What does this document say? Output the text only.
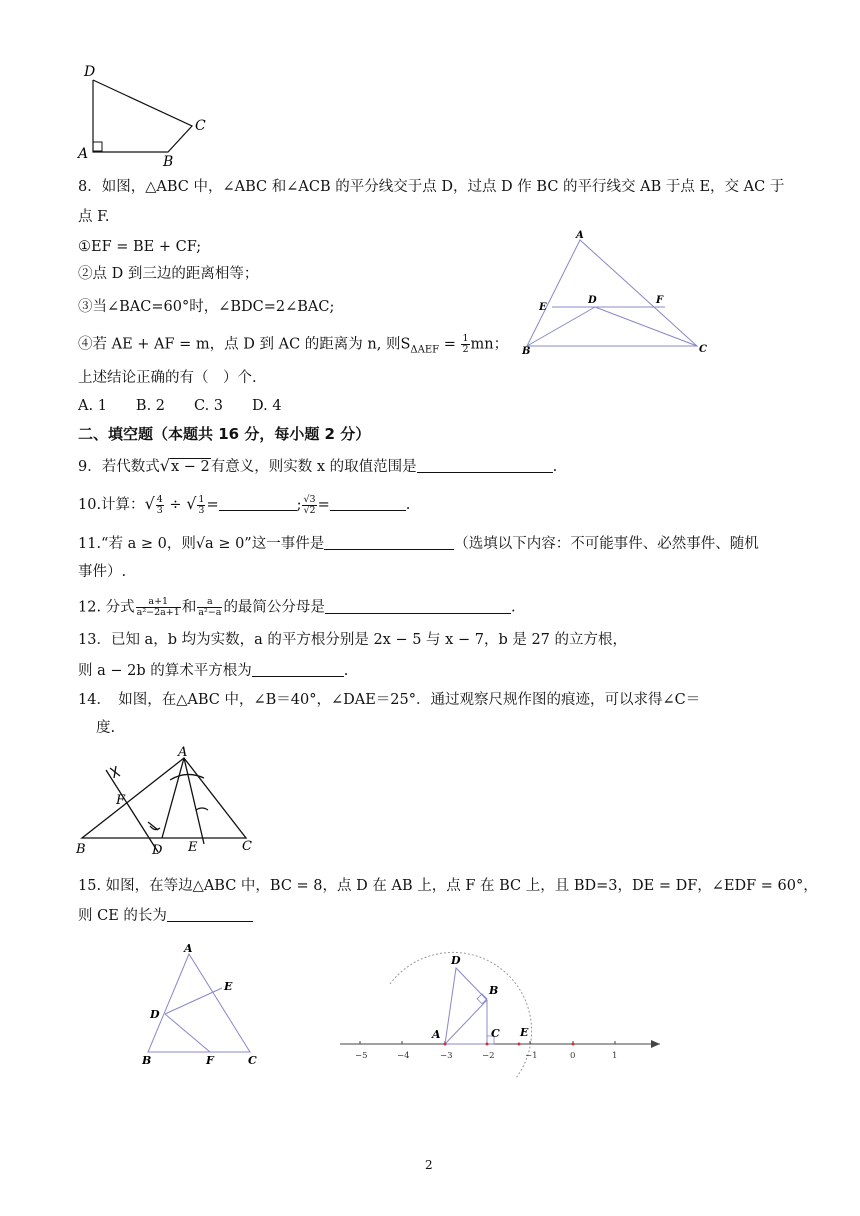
D
C
A	B
8．如图，△ABC 中，∠ABC 和∠ACB 的平分线交于点 D，过点 D 作 BC 的平行线交 AB 于点 E，交 AC 于
点 F.
①EF = BE + CF;
②点 D 到三边的距离相等；
③当∠BAC=60°时，∠BDC=2∠BAC;
④若 AE + AF = m，点 D 到 AC 的距离为 n, 则$S_{\Delta AEF} = \frac{1}{2}$ mn；
上述结论正确的有（　）个.
A. 1　　B. 2　　C. 3　　D. 4
A
E
D	F
B	C
二、填空题（本题共 16 分，每小题 2 分）
9．若代数式√x − 2有意义，则实数 x 的取值范围是	.
10.计算：√ $\frac{4}{3}$ ÷ √ $\frac{1}{3}$ =	; $\frac{√3}{√2}$ =	.
11.“若 a ≥ 0，则√a ≥ 0”这一事件是	（选填以下内容：不可能事件、必然事件、随机
事件）.
12. 分式 $\frac{a+1}{\text{a²−2a+1}}$ 和 $\frac{a}{\text{a²−a}}$ 的最简公分母是	.
13．已知 a，b 均为实数，a 的平方根分别是 2x − 5 与 x − 7，b 是 27 的立方根，
则 a − 2b 的算术平方根为	.
14．　如图，在△ABC 中，∠B＝40°，∠DAE＝25°．通过观察尺规作图的痕迹，可以求得∠C＝
度.
A
F
B	D E	C
15. 如图，在等边△ABC 中，BC = 8，点 D 在 AB 上，点 F 在 BC 上，且 BD=3，DE = DF，∠EDF = 60°，
则 CE 的长为
A
E
D
B	F	C
D
B
A	C E
−5	−4	−3	−2	−1	0	1
2
